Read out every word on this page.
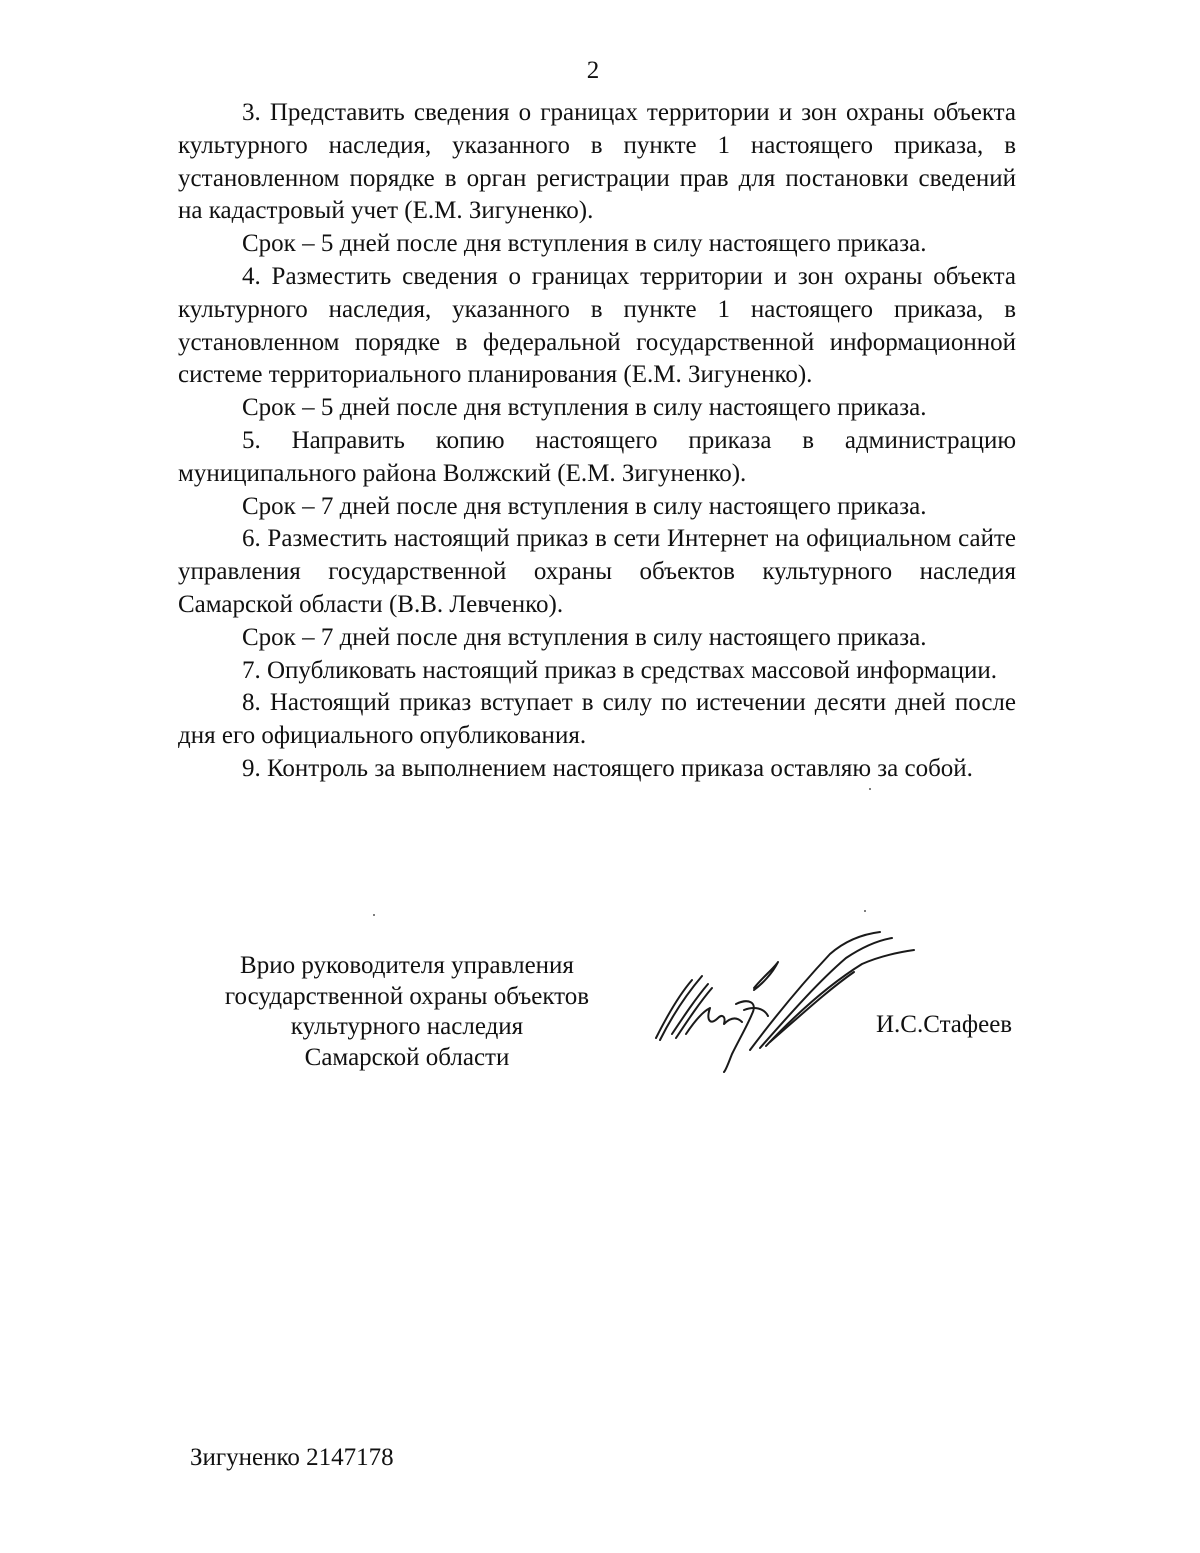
2

3. Представить сведения о границах территории и зон охраны объекта культурного наследия, указанного в пункте 1 настоящего приказа, в установленном порядке в орган регистрации прав для постановки сведений на кадастровый учет (Е.М. Зигуненко).

Срок – 5 дней после дня вступления в силу настоящего приказа.

4. Разместить сведения о границах территории и зон охраны объекта культурного наследия, указанного в пункте 1 настоящего приказа, в установленном порядке в федеральной государственной информационной системе территориального планирования (Е.М. Зигуненко).

Срок – 5 дней после дня вступления в силу настоящего приказа.

5. Направить копию настоящего приказа в администрацию муниципального района Волжский (Е.М. Зигуненко).

Срок – 7 дней после дня вступления в силу настоящего приказа.

6. Разместить настоящий приказ в сети Интернет на официальном сайте управления государственной охраны объектов культурного наследия Самарской области (В.В. Левченко).

Срок – 7 дней после дня вступления в силу настоящего приказа.

7. Опубликовать настоящий приказ в средствах массовой информации.

8. Настоящий приказ вступает в силу по истечении десяти дней после дня его официального опубликования.

9. Контроль за выполнением настоящего приказа оставляю за собой.

Врио руководителя управления
государственной охраны объектов
культурного наследия
Самарской области
И.С.Стафеев
Зигуненко 2147178
